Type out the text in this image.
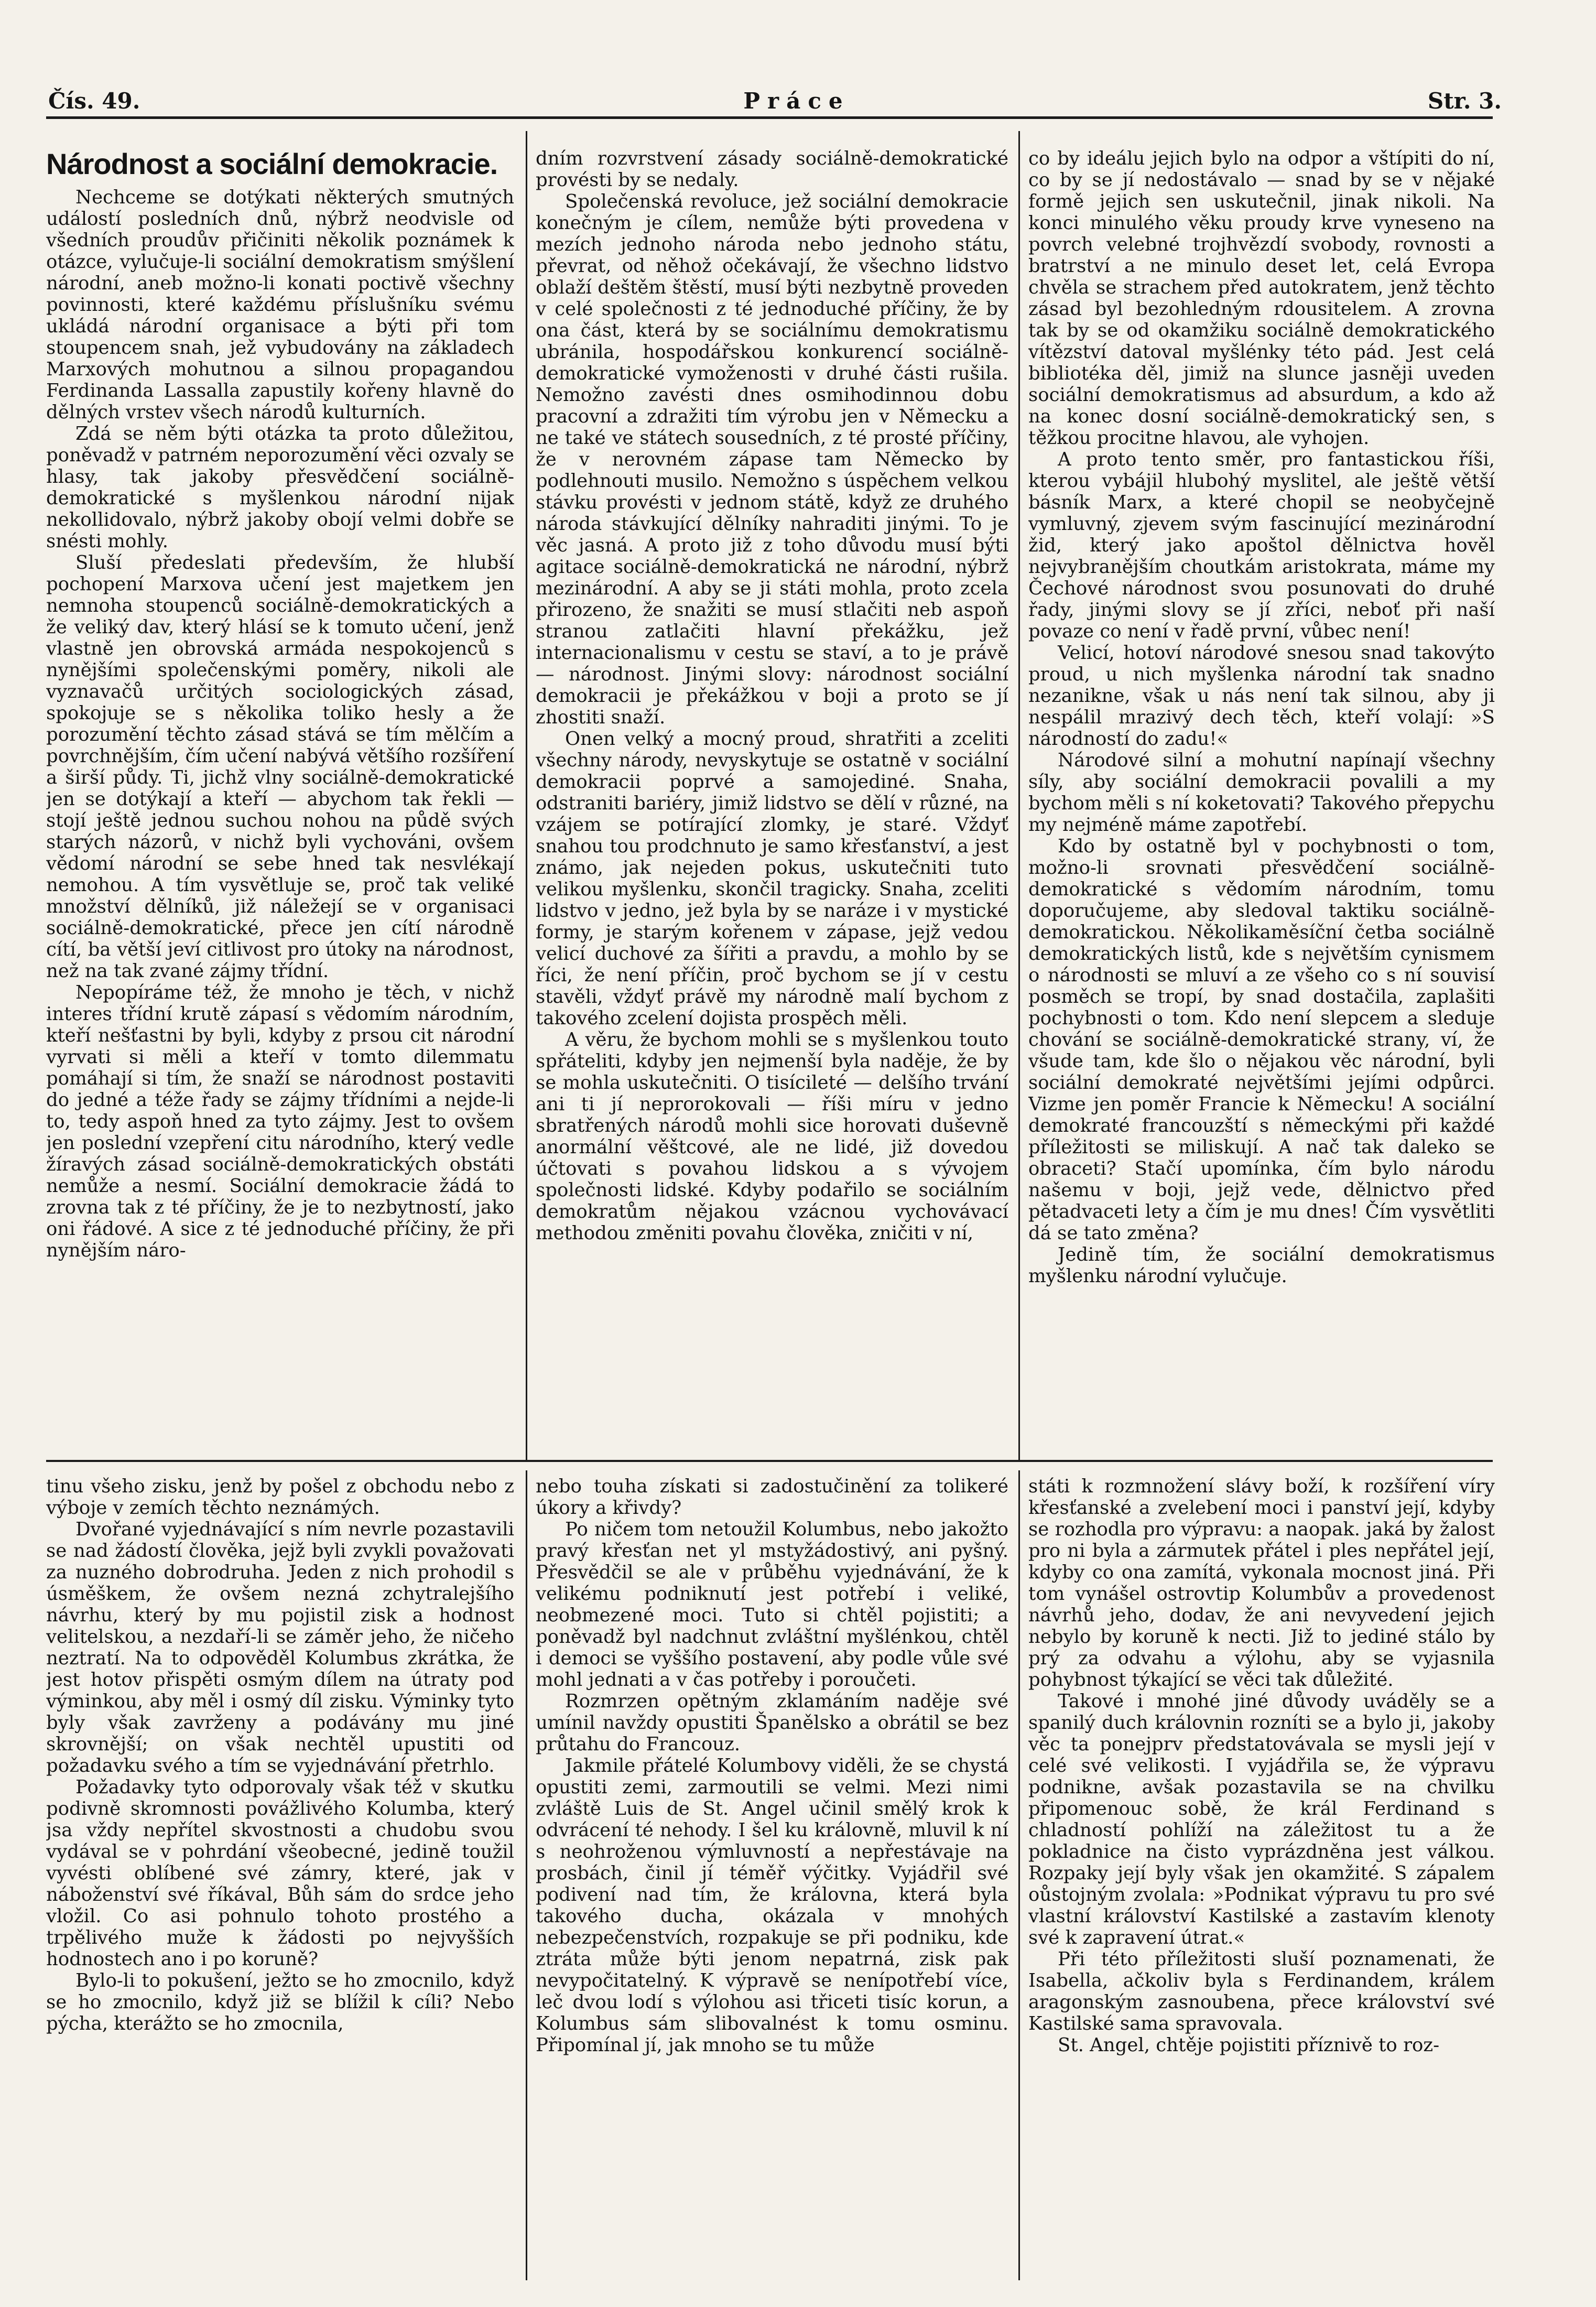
Čís. 49.	Práce	Str. 3.
Národnost a sociální demokracie.

Nechceme se dotýkati některých smutných událostí posledních dnů, nýbrž neodvisle od všedních proudův přičiniti několik poznámek k otázce, vylučuje-li sociální demokratism smýšlení národní, aneb možno-li konati poctivě všechny povinnosti, které každému příslušníku svému ukládá národní organisace a býti při tom stoupencem snah, jež vybudovány na základech Marxových mohutnou a silnou propagandou Ferdinanda Lassalla zapustily kořeny hlavně do dělných vrstev všech národů kulturních.

Zdá se něm býti otázka ta proto důležitou, poněvadž v patrném neporozumění věci ozvaly se hlasy, tak jakoby přesvědčení sociálně-demokratické s myšlenkou národní nijak nekollidovalo, nýbrž jakoby obojí velmi dobře se snésti mohly.

Sluší předeslati především, že hlubší pochopení Marxova učení jest majetkem jen nemnoha stoupenců sociálně-demokratických a že veliký dav, který hlásí se k tomuto učení, jenž vlastně jen obrovská armáda nespokojenců s nynějšími společenskými poměry, nikoli ale vyznavačů určitých sociologických zásad, spokojuje se s několika toliko hesly a že porozumění těchto zásad stává se tím mělčím a povrchnějším, čím učení nabývá většího rozšíření a širší půdy. Ti, jichž vlny sociálně-demokratické jen se dotýkají a kteří — abychom tak řekli — stojí ještě jednou suchou nohou na půdě svých starých názorů, v nichž byli vychováni, ovšem vědomí národní se sebe hned tak nesvlékají nemohou. A tím vysvětluje se, proč tak veliké množství dělníků, již náležejí se v organisaci sociálně-demokratické, přece jen cítí národně cítí, ba větší jeví citlivost pro útoky na národnost, než na tak zvané zájmy třídní.

Nepopíráme též, že mnoho je těch, v nichž interes třídní krutě zápasí s vědomím národním, kteří nešťastni by byli, kdyby z prsou cit národní vyrvati si měli a kteří v tomto dilemmatu pomáhají si tím, že snaží se národnost postaviti do jedné a téže řady se zájmy třídními a nejde-li to, tedy aspoň hned za tyto zájmy. Jest to ovšem jen poslední vzepření citu národního, který vedle žíravých zásad sociálně-demokratických obstáti nemůže a nesmí. Sociální demokracie žádá to zrovna tak z té příčiny, že je to nezbytností, jako oni řádové. A sice z té jednoduché příčiny, že při nynějším náro-

dním rozvrstvení zásady sociálně-demokratické provésti by se nedaly.

Společenská revoluce, jež sociální demokracie konečným je cílem, nemůže býti provedena v mezích jednoho národa nebo jednoho státu, převrat, od něhož očekávají, že všechno lidstvo oblaží deštěm štěstí, musí býti nezbytně proveden v celé společnosti z té jednoduché příčiny, že by ona část, která by se sociálnímu demokratismu ubránila, hospodářskou konkurencí sociálně-demokratické vymoženosti v druhé části rušila. Nemožno zavésti dnes osmihodinnou dobu pracovní a zdražiti tím výrobu jen v Německu a ne také ve státech sousedních, z té prosté příčiny, že v nerovném zápase tam Německo by podlehnouti musilo. Nemožno s úspěchem velkou stávku provésti v jednom státě, když ze druhého národa stávkující dělníky nahraditi jinými. To je věc jasná. A proto již z toho důvodu musí býti agitace sociálně-demokratická ne národní, nýbrž mezinárodní. A aby se ji státi mohla, proto zcela přirozeno, že snažiti se musí stlačiti neb aspoň stranou zatlačiti hlavní překážku, jež internacionalismu v cestu se staví, a to je právě — národnost. Jinými slovy: národnost sociální demokracii je překážkou v boji a proto se jí zhostiti snaží.

Onen velký a mocný proud, shratřiti a zceliti všechny národy, nevyskytuje se ostatně v sociální demokracii poprvé a samojediné. Snaha, odstraniti bariéry, jimiž lidstvo se dělí v různé, na vzájem se potírající zlomky, je staré. Vždyť snahou tou prodchnuto je samo křesťanství, a jest známo, jak nejeden pokus, uskutečniti tuto velikou myšlenku, skončil tragicky. Snaha, zceliti lidstvo v jedno, jež byla by se naráze i v mystické formy, je starým kořenem v zápase, jejž vedou velicí duchové za šířiti a pravdu, a mohlo by se říci, že není příčin, proč bychom se jí v cestu stavěli, vždyť právě my národně malí bychom z takového zcelení dojista prospěch měli.

A věru, že bychom mohli se s myšlenkou touto spřáteliti, kdyby jen nejmenší byla naděje, že by se mohla uskutečniti. O tisícileté — delšího trvání ani ti jí neprorokovali — říši míru v jedno sbratřených národů mohli sice horovati duševně anormální věštcové, ale ne lidé, již dovedou účtovati s povahou lidskou a s vývojem společnosti lidské. Kdyby podařilo se sociálním demokratům nějakou vzácnou vychovávací methodou změniti povahu člověka, zničiti v ní,

co by ideálu jejich bylo na odpor a vštípiti do ní, co by se jí nedostávalo — snad by se v nějaké formě jejich sen uskutečnil, jinak nikoli. Na konci minulého věku proudy krve vyneseno na povrch velebné trojhvězdí svobody, rovnosti a bratrství a ne minulo deset let, celá Evropa chvěla se strachem před autokratem, jenž těchto zásad byl bezohledným rdousitelem. A zrovna tak by se od okamžiku sociálně demokratického vítězství datoval myšlénky této pád. Jest celá bibliotéka děl, jimiž na slunce jasněji uveden sociální demokratismus ad absurdum, a kdo až na konec dosní sociálně-demokratický sen, s těžkou procitne hlavou, ale vyhojen.

A proto tento směr, pro fantastickou říši, kterou vybájil hlubohý myslitel, ale ještě větší básník Marx, a které chopil se neobyčejně vymluvný, zjevem svým fascinující mezinárodní žid, který jako apoštol dělnictva hověl nejvybranějším choutkám aristokrata, máme my Čechové národnost svou posunovati do druhé řady, jinými slovy se jí zříci, neboť při naší povaze co není v řadě první, vůbec není!

Velicí, hotoví národové snesou snad takovýto proud, u nich myšlenka národní tak snadno nezanikne, však u nás není tak silnou, aby ji nespálil mrazivý dech těch, kteří volají: »S národností do zadu!«

Národové silní a mohutní napínají všechny síly, aby sociální demokracii povalili a my bychom měli s ní koketovati? Takového přepychu my nejméně máme zapotřebí.

Kdo by ostatně byl v pochybnosti o tom, možno-li srovnati přesvědčení sociálně-demokratické s vědomím národním, tomu doporučujeme, aby sledoval taktiku sociálně-demokratickou. Několikaměsíční četba sociálně demokratických listů, kde s největším cynismem o národnosti se mluví a ze všeho co s ní souvisí posměch se tropí, by snad dostačila, zaplašiti pochybnosti o tom. Kdo není slepcem a sleduje chování se sociálně-demokratické strany, ví, že všude tam, kde šlo o nějakou věc národní, byli sociální demokraté největšími jejími odpůrci. Vizme jen poměr Francie k Německu! A sociální demokraté francouzští s německými při každé příležitosti se miliskují. A nač tak daleko se obraceti? Stačí upomínka, čím bylo národu našemu v boji, jejž vede, dělnictvo před pětadvaceti lety a čím je mu dnes! Čím vysvětliti dá se tato změna?

Jedině tím, že sociální demokratismus myšlenku národní vylučuje.

tinu všeho zisku, jenž by pošel z obchodu nebo z výboje v zemích těchto neznámých.

Dvořané vyjednávající s ním nevrle pozastavili se nad žádostí člověka, jejž byli zvykli považovati za nuzného dobrodruha. Jeden z nich prohodil s úsměškem, že ovšem nezná zchytralejšího návrhu, který by mu pojistil zisk a hodnost velitelskou, a nezdaří-li se záměr jeho, že ničeho neztratí. Na to odpověděl Kolumbus zkrátka, že jest hotov přispěti osmým dílem na útraty pod výminkou, aby měl i osmý díl zisku. Výminky tyto byly však zavrženy a podávány mu jiné skrovnější; on však nechtěl upustiti od požadavku svého a tím se vyjednávání přetrhlo.

Požadavky tyto odporovaly však též v skutku podivně skromnosti povážlivého Kolumba, který jsa vždy nepřítel skvostnosti a chudobu svou vydával se v pohrdání všeobecné, jedině toužil vyvésti oblíbené své zámry, které, jak v náboženství své říkával, Bůh sám do srdce jeho vložil. Co asi pohnulo tohoto prostého a trpělivého muže k žádosti po nejvyšších hodnostech ano i po koruně?

Bylo-li to pokušení, ježto se ho zmocnilo, když se ho zmocnilo, když již se blížil k cíli? Nebo pýcha, kterážto se ho zmocnila,

nebo touha získati si zadostučinění za tolikeré úkory a křivdy?

Po ničem tom netoužil Kolumbus, nebo jakožto pravý křesťan net yl mstyžádostivý, ani pyšný. Přesvědčil se ale v průběhu vyjednávání, že k velikému podniknutí jest potřebí i veliké, neobmezené moci. Tuto si chtěl pojistiti; a poněvadž byl nadchnut zvláštní myšlénkou, chtěl i democi se vyššího postavení, aby podle vůle své mohl jednati a v čas potřeby i poroučeti.

Rozmrzen opětným zklamáním naděje své umínil navždy opustiti Španělsko a obrátil se bez průtahu do Francouz.

Jakmile přátelé Kolumbovy viděli, že se chystá opustiti zemi, zarmoutili se velmi. Mezi nimi zvláště Luis de St. Angel učinil smělý krok k odvrácení té nehody. I šel ku královně, mluvil k ní s neohroženou výmluvností a nepřestávaje na prosbách, činil jí téměř výčitky. Vyjádřil své podivení nad tím, že královna, která byla takového ducha, okázala v mnohých nebezpečenstvích, rozpakuje se při podniku, kde ztráta může býti jenom nepatrná, zisk pak nevypočitatelný. K výpravě se nenípotřebí více, leč dvou lodí s výlohou asi třiceti tisíc korun, a Kolumbus sám slibovalnést k tomu osminu. Připomínal jí, jak mnoho se tu může

státi k rozmnožení slávy boží, k rozšíření víry křesťanské a zvelebení moci i panství její, kdyby se rozhodla pro výpravu: a naopak. jaká by žalost pro ni byla a zármutek přátel i ples nepřátel její, kdyby co ona zamítá, vykonala mocnost jiná. Při tom vynášel ostrovtip Kolumbův a provedenost návrhů jeho, dodav, že ani nevyvedení jejich nebylo by koruně k necti. Již to jediné stálo by prý za odvahu a výlohu, aby se vyjasnila pohybnost týkající se věci tak důležité.

Takové i mnohé jiné důvody uváděly se a spanilý duch královnin rozníti se a bylo ji, jakoby věc ta ponejprv předstatovávala se mysli její v celé své velikosti. I vyjádřila se, že výpravu podnikne, avšak pozastavila se na chvilku připomenouc sobě, že král Ferdinand s chladností pohlíží na záležitost tu a že pokladnice na čisto vyprázdněna jest válkou. Rozpaky její byly však jen okamžité. S zápalem oůstojným zvolala: »Podnikat výpravu tu pro své vlastní království Kastilské a zastavím klenoty své k zapravení útrat.«

Při této příležitosti sluší poznamenati, že Isabella, ačkoliv byla s Ferdinandem, králem aragonským zasnoubena, přece království své Kastilské sama spravovala.

St. Angel, chtěje pojistiti příznivě to roz-
